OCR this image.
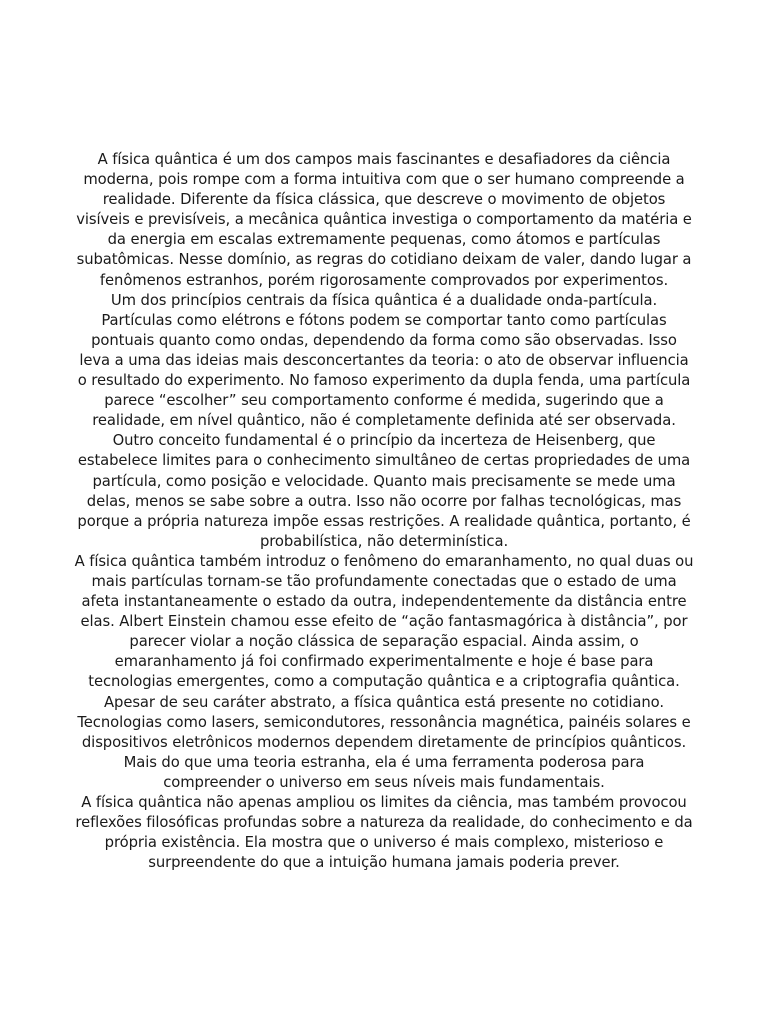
A física quântica é um dos campos mais fascinantes e desafiadores da ciência moderna, pois rompe com a forma intuitiva com que o ser humano compreende a realidade. Diferente da física clássica, que descreve o movimento de objetos visíveis e previsíveis, a mecânica quântica investiga o comportamento da matéria e da energia em escalas extremamente pequenas, como átomos e partículas subatômicas. Nesse domínio, as regras do cotidiano deixam de valer, dando lugar a fenômenos estranhos, porém rigorosamente comprovados por experimentos.

Um dos princípios centrais da física quântica é a dualidade onda-partícula. Partículas como elétrons e fótons podem se comportar tanto como partículas pontuais quanto como ondas, dependendo da forma como são observadas. Isso leva a uma das ideias mais desconcertantes da teoria: o ato de observar influencia o resultado do experimento. No famoso experimento da dupla fenda, uma partícula parece “escolher” seu comportamento conforme é medida, sugerindo que a realidade, em nível quântico, não é completamente definida até ser observada.

Outro conceito fundamental é o princípio da incerteza de Heisenberg, que estabelece limites para o conhecimento simultâneo de certas propriedades de uma partícula, como posição e velocidade. Quanto mais precisamente se mede uma delas, menos se sabe sobre a outra. Isso não ocorre por falhas tecnológicas, mas porque a própria natureza impõe essas restrições. A realidade quântica, portanto, é probabilística, não determinística.

A física quântica também introduz o fenômeno do emaranhamento, no qual duas ou mais partículas tornam-se tão profundamente conectadas que o estado de uma afeta instantaneamente o estado da outra, independentemente da distância entre elas. Albert Einstein chamou esse efeito de “ação fantasmagórica à distância”, por parecer violar a noção clássica de separação espacial. Ainda assim, o emaranhamento já foi confirmado experimentalmente e hoje é base para tecnologias emergentes, como a computação quântica e a criptografia quântica.

Apesar de seu caráter abstrato, a física quântica está presente no cotidiano. Tecnologias como lasers, semicondutores, ressonância magnética, painéis solares e dispositivos eletrônicos modernos dependem diretamente de princípios quânticos. Mais do que uma teoria estranha, ela é uma ferramenta poderosa para compreender o universo em seus níveis mais fundamentais.

A física quântica não apenas ampliou os limites da ciência, mas também provocou reflexões filosóficas profundas sobre a natureza da realidade, do conhecimento e da própria existência. Ela mostra que o universo é mais complexo, misterioso e surpreendente do que a intuição humana jamais poderia prever.
